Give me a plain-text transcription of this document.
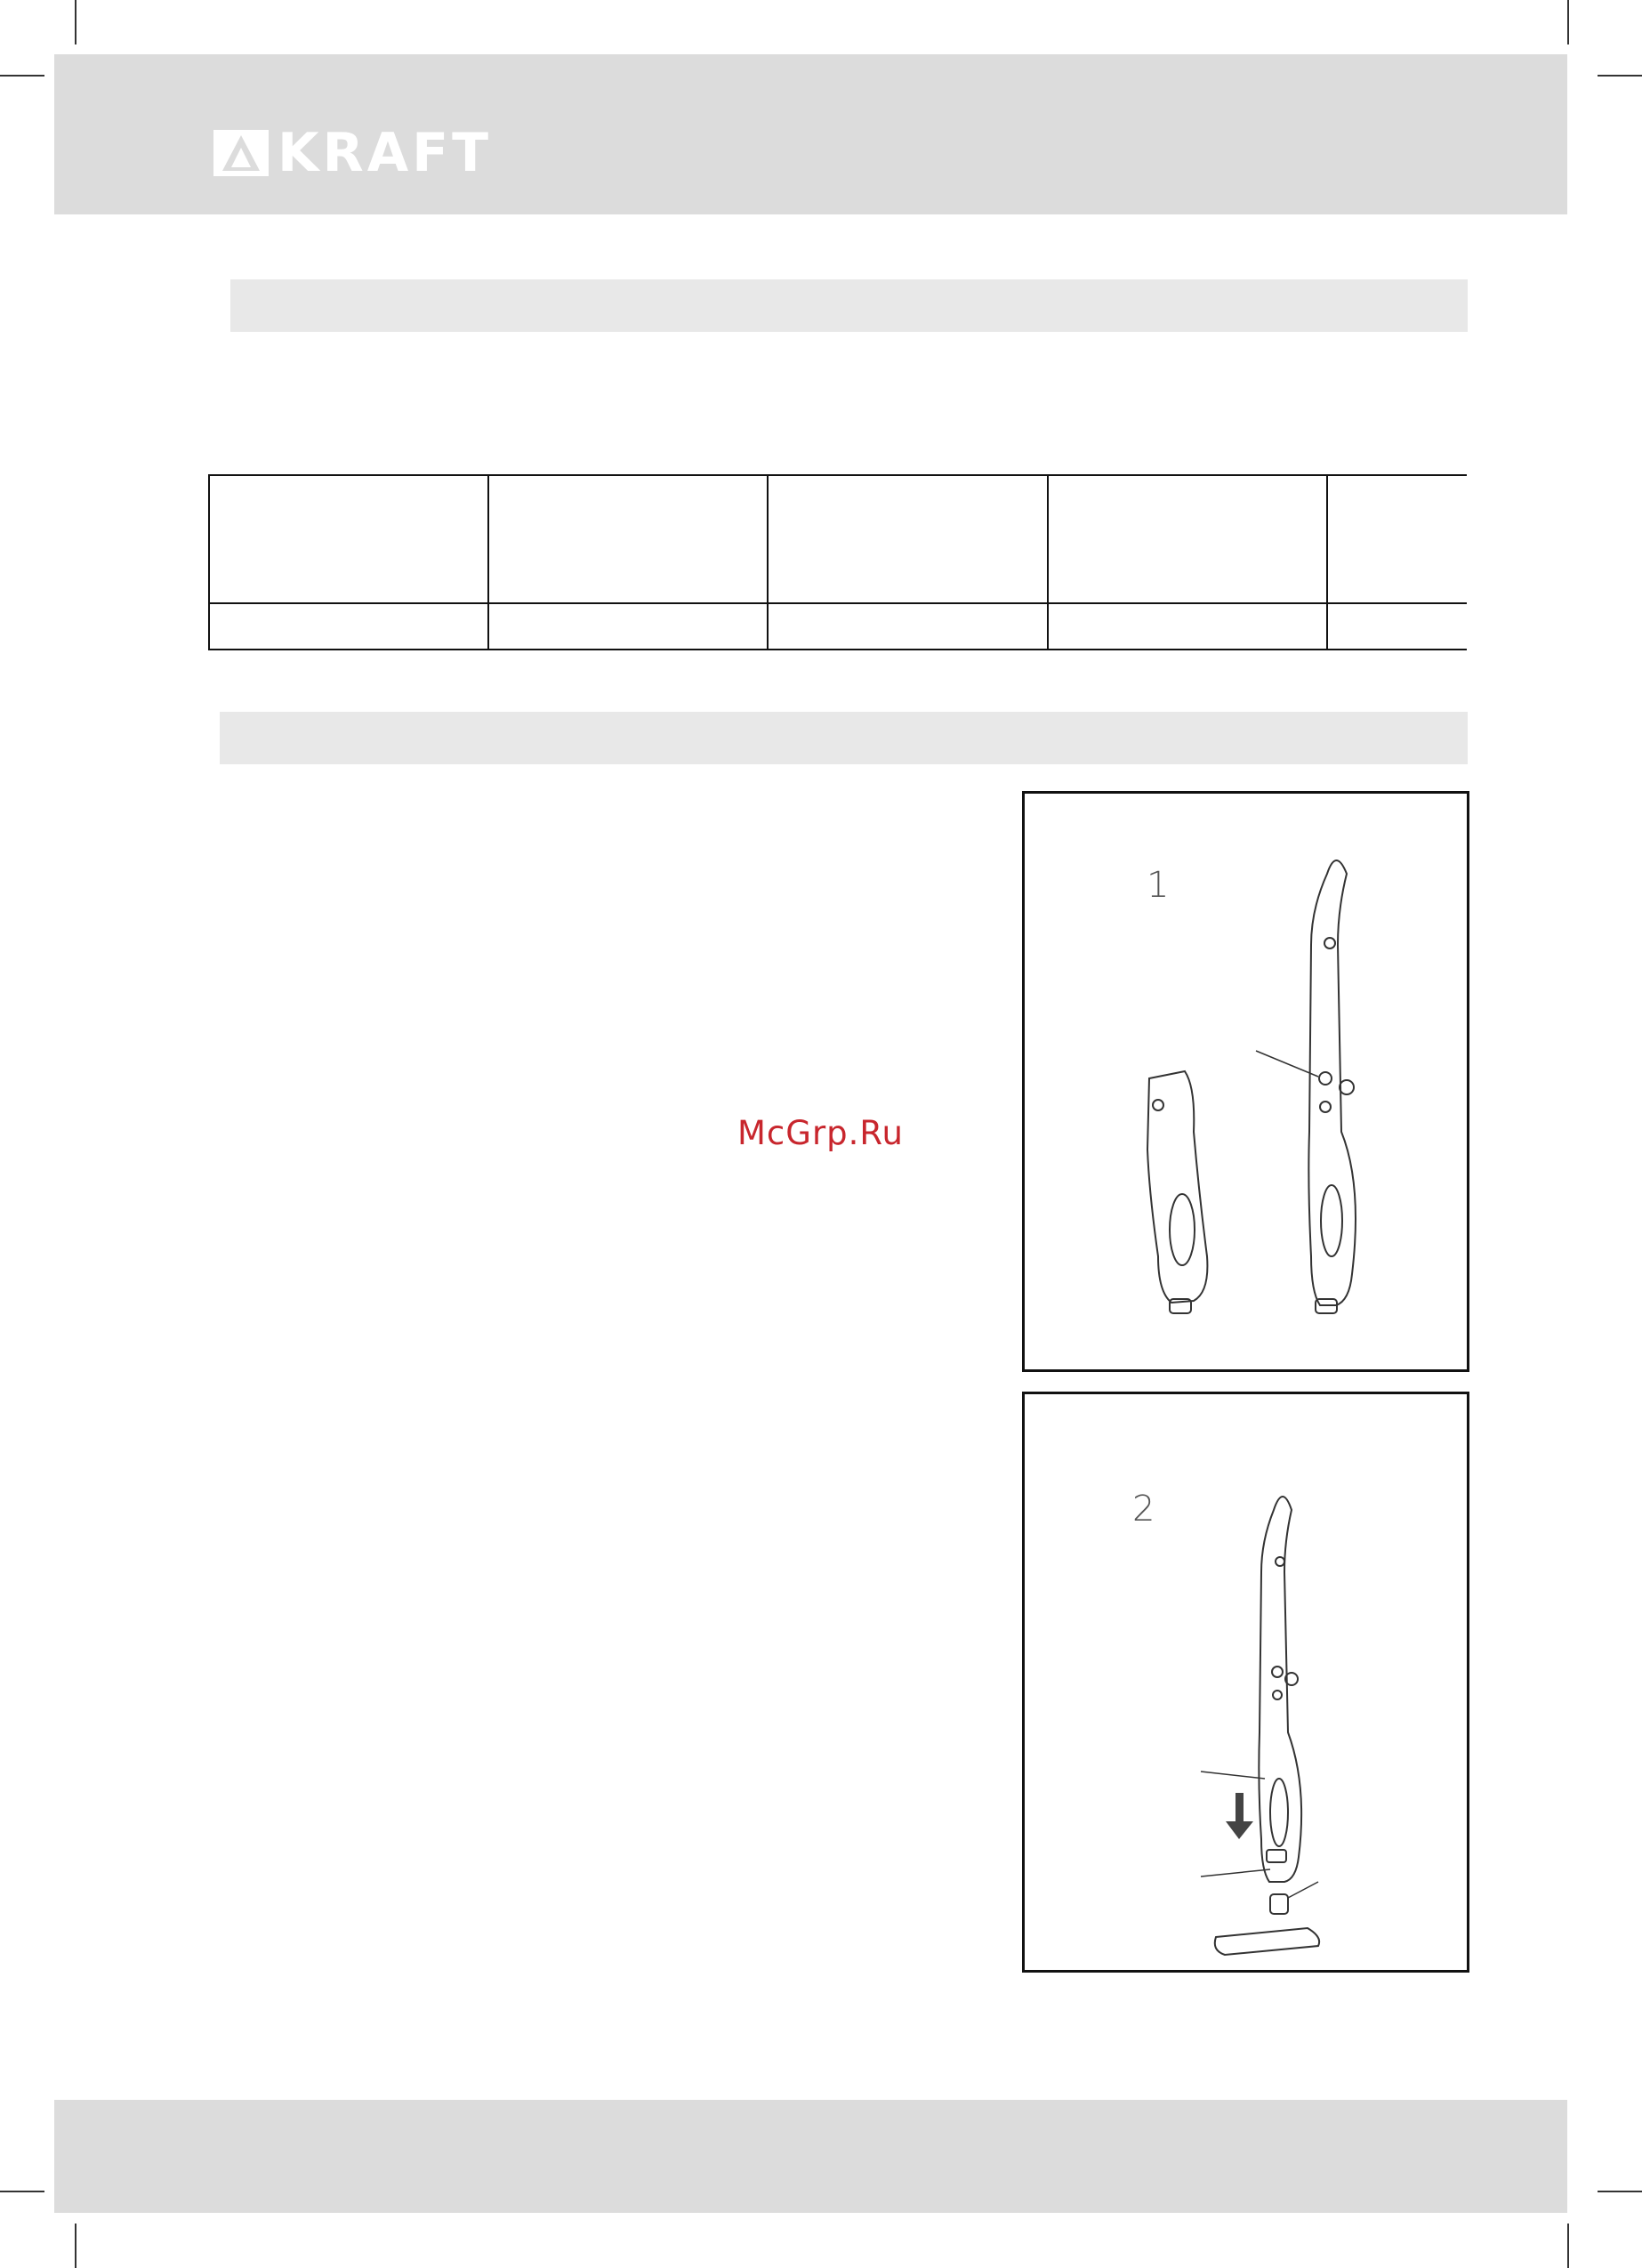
KRAFT

McGrp.Ru
1
2
